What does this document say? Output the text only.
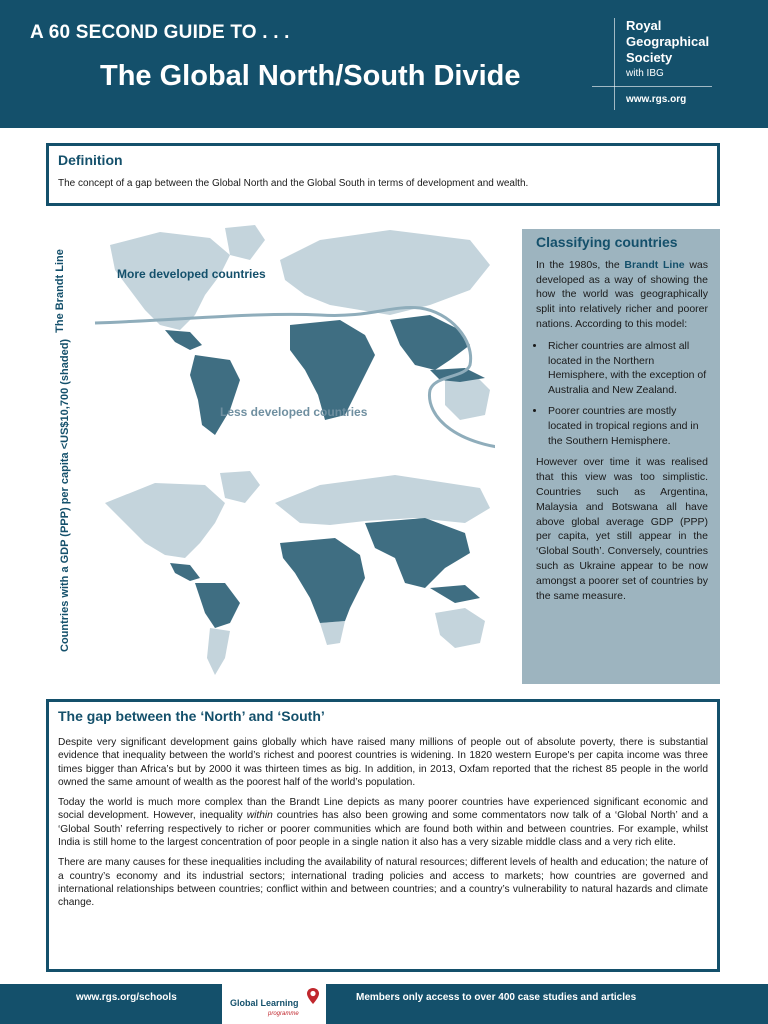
A 60 SECOND GUIDE TO . . .
The Global North/South Divide
Royal Geographical Society
with IBG
www.rgs.org
Definition
The concept of a gap between the Global North and the Global South in terms of development and wealth.
The Brandt Line
Countries with a GDP (PPP) per capita <US$10,700 (shaded)
More developed countries
Less developed countries
Classifying countries

In the 1980s, the Brandt Line was developed as a way of showing the how the world was geographically split into relatively richer and poorer nations. According to this model:

• Richer countries are almost all located in the Northern Hemisphere, with the exception of Australia and New Zealand.
• Poorer countries are mostly located in tropical regions and in the Southern Hemisphere.

However over time it was realised that this view was too simplistic. Countries such as Argentina, Malaysia and Botswana all have above global average GDP (PPP) per capita, yet still appear in the ‘Global South’. Conversely, countries such as Ukraine appear to be now amongst a poorer set of countries by the same measure.

The gap between the ‘North’ and ‘South’

Despite very significant development gains globally which have raised many millions of people out of absolute poverty, there is substantial evidence that inequality between the world’s richest and poorest countries is widening. In 1820 western Europe's per capita income was three times bigger than Africa’s but by 2000 it was thirteen times as big. In addition, in 2013, Oxfam reported that the richest 85 people in the world owned the same amount of wealth as the poorest half of the world’s population.

Today the world is much more complex than the Brandt Line depicts as many poorer countries have experienced significant economic and social development. However, inequality within countries has also been growing and some commentators now talk of a ‘Global North’ and a ‘Global South’ referring respectively to richer or poorer communities which are found both within and between countries. For example, whilst India is still home to the largest concentration of poor people in a single nation it also has a very sizable middle class and a very rich elite.

There are many causes for these inequalities including the availability of natural resources; different levels of health and education; the nature of a country’s economy and its industrial sectors; international trading policies and access to markets; how countries are governed and international relationships between countries; conflict within and between countries; and a country’s vulnerability to natural hazards and climate change.

www.rgs.org/schools	Global Learning
programme
Members only access to over 400 case studies and articles
